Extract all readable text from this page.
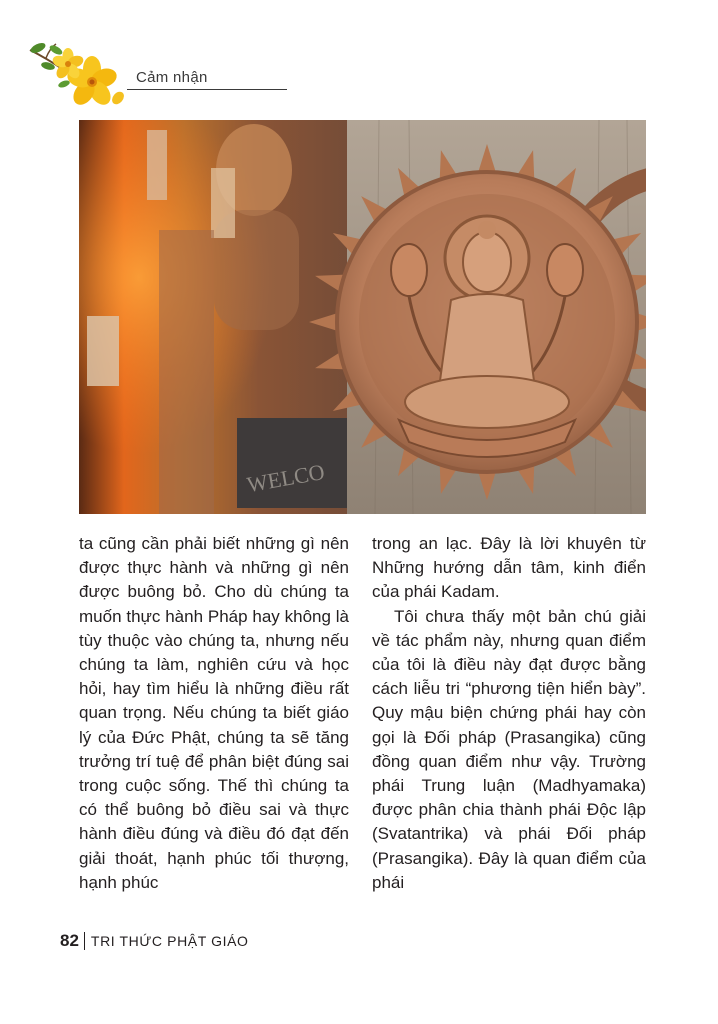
Cảm nhận
WELCO

ta cũng cần phải biết những gì nên được thực hành và những gì nên được buông bỏ. Cho dù chúng ta muốn thực hành Pháp hay không là tùy thuộc vào chúng ta, nhưng nếu chúng ta làm, nghiên cứu và học hỏi, hay tìm hiểu là những điều rất quan trọng. Nếu chúng ta biết giáo lý của Đức Phật, chúng ta sẽ tăng trưởng trí tuệ để phân biệt đúng sai trong cuộc sống. Thế thì chúng ta có thể buông bỏ điều sai và thực hành điều đúng và điều đó đạt đến giải thoát, hạnh phúc tối thượng, hạnh phúc

trong an lạc. Đây là lời khuyên từ Những hướng dẫn tâm, kinh điển của phái Kadam.

Tôi chưa thấy một bản chú giải về tác phẩm này, nhưng quan điểm của tôi là điều này đạt được bằng cách liễu tri “phương tiện hiển bày”. Quy mậu biện chứng phái hay còn gọi là Đối pháp (Prasangika) cũng đồng quan điểm như vậy. Trường phái Trung luận (Madhyamaka) được phân chia thành phái Độc lập (Svatantrika) và phái Đối pháp (Prasangika). Đây là quan điểm của phái

82 TRI THỨC PHẬT GIÁO
